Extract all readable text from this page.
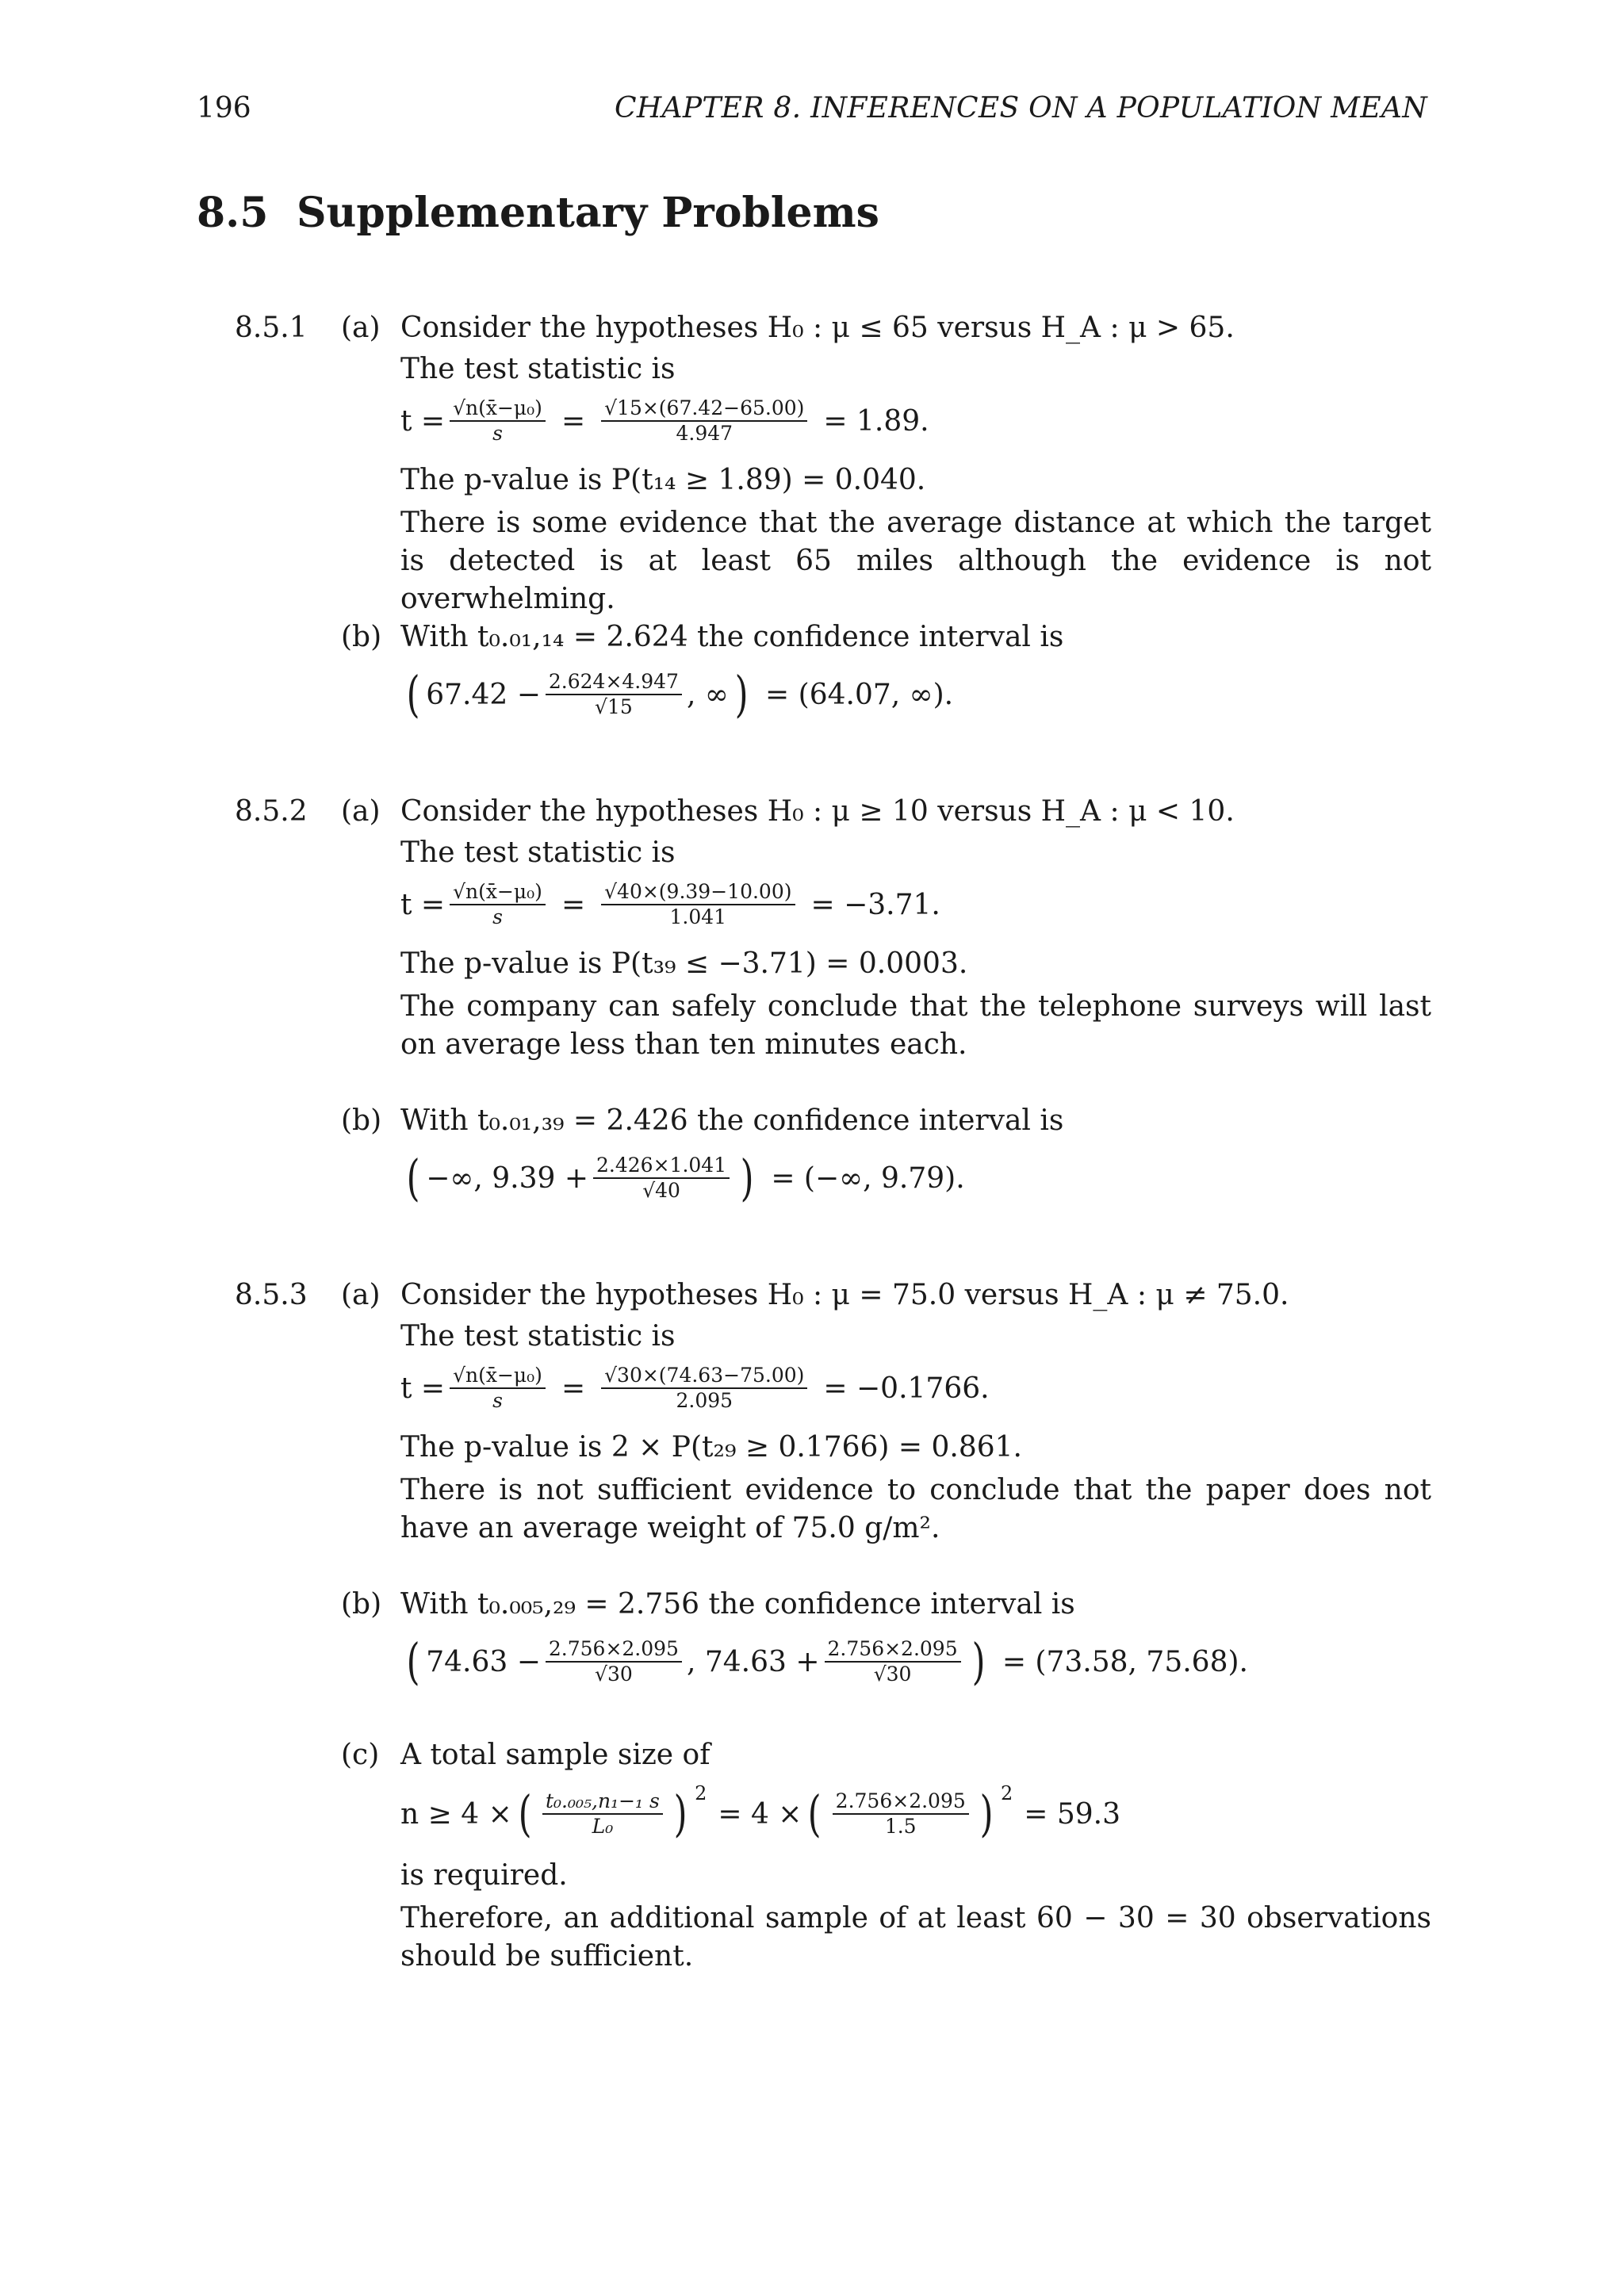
196	CHAPTER 8. INFERENCES ON A POPULATION MEAN
8.5 Supplementary Problems
8.5.1 (a) Consider the hypotheses H₀ : μ ≤ 65 versus H_A : μ > 65.
The test statistic is
$t = \frac{\text{√n(x̄−μ₀)}}{s} = \frac{√15\times(67.42-65.00)}{4.947} = 1.89$.
The p-value is P(t₁₄ ≥ 1.89) = 0.040.
There is some evidence that the average distance at which the target is detected is at least 65 miles although the evidence is not overwhelming.
(b) With t₀.₀₁,₁₄ = 2.624 the confidence interval is
( $67.42 - \frac{2.624\times 4.947}{√15}$ , ∞ ) = (64.07, ∞).
8.5.2 (a) Consider the hypotheses H₀ : μ ≥ 10 versus H_A : μ < 10.
The test statistic is
$t = \frac{\text{√n(x̄−μ₀)}}{s} = \frac{√40\times(9.39-10.00)}{1.041} = -3.71$.
The p-value is P(t₃₉ ≤ −3.71) = 0.0003.
The company can safely conclude that the telephone surveys will last on average less than ten minutes each.
(b) With t₀.₀₁,₃₉ = 2.426 the confidence interval is
( −∞, $9.39 + \frac{2.426\times 1.041}{√40}$ ) = (−∞, 9.79).
8.5.3 (a) Consider the hypotheses H₀ : μ = 75.0 versus H_A : μ ≠ 75.0.
The test statistic is
$t = \frac{\text{√n(x̄−μ₀)}}{s} = \frac{√30\times(74.63-75.00)}{2.095} = -0.1766$.
The p-value is 2 × P(t₂₉ ≥ 0.1766) = 0.861.
There is not sufficient evidence to conclude that the paper does not have an average weight of 75.0 g/m².
(b) With t₀.₀₀₅,₂₉ = 2.756 the confidence interval is
( $74.63 - \frac{2.756\times 2.095}{√30}$ , $74.63 + \frac{2.756\times 2.095}{√30}$ ) = (73.58, 75.68).
(c) A total sample size of
n ≥ 4 × ( $\frac{\text{t₀.₀₀₅,n₁−₁ s}}{\text{L₀}}$ ) 2
= 4 × ( $\frac{2.756\times 2.095}{1.5}$ ) 2
= 59.3
is required.
Therefore, an additional sample of at least 60 − 30 = 30 observations should be sufficient.
